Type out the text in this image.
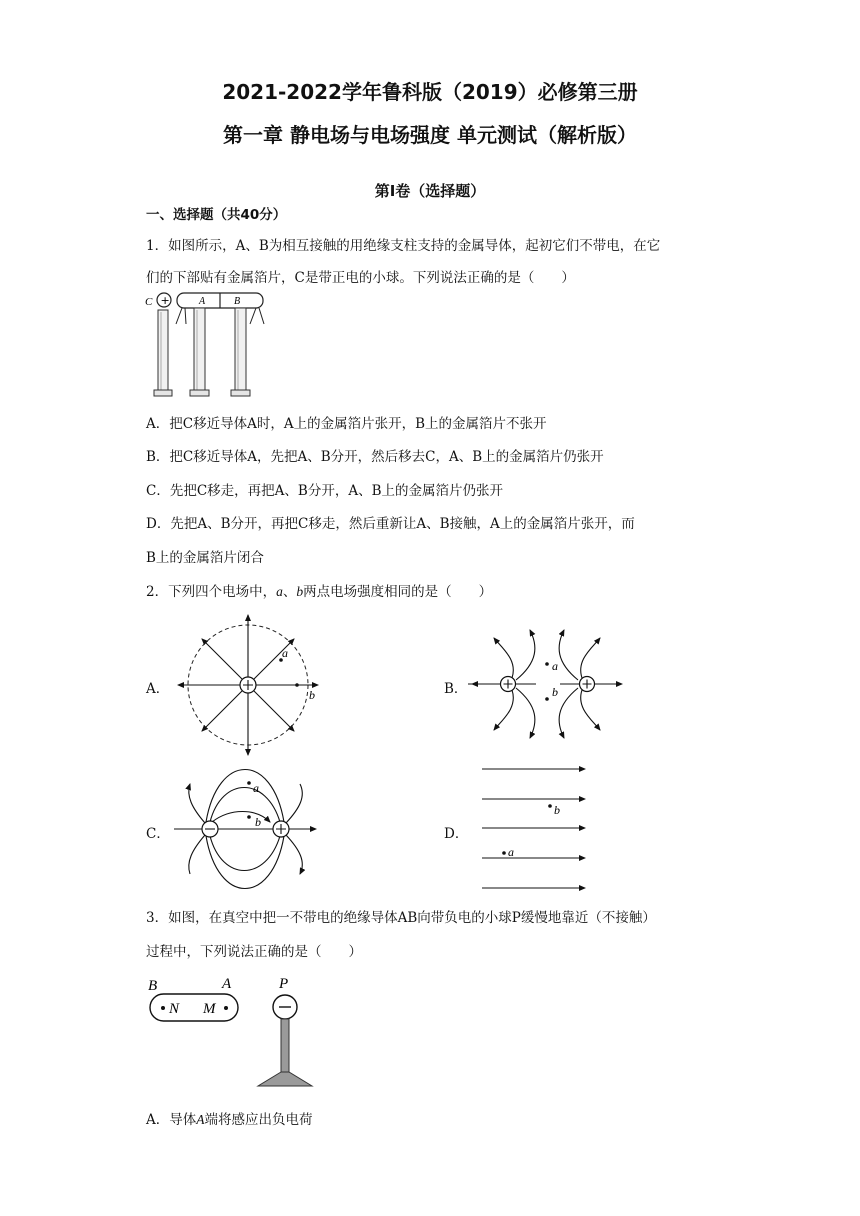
2021-2022学年鲁科版（2019）必修第三册
第一章 静电场与电场强度 单元测试（解析版）
第Ⅰ卷（选择题）
一、选择题（共40分）
1．如图所示，A、B为相互接触的用绝缘支柱支持的金属导体，起初它们不带电，在它
们的下部贴有金属箔片，C是带正电的小球。下列说法正确的是（　　）
C +	A	B
A．把C移近导体A时，A上的金属箔片张开，B上的金属箔片不张开
B．把C移近导体A，先把A、B分开，然后移去C，A、B上的金属箔片仍张开
C．先把C移走，再把A、B分开，A、B上的金属箔片仍张开
D．先把A、B分开，再把C移走，然后重新让A、B接触，A上的金属箔片张开，而
B上的金属箔片闭合
2．下列四个电场中，a、b两点电场强度相同的是（　　）
A．	B．
C．	D．
a
b
a
b
a
b
b
a
3．如图，在真空中把一不带电的绝缘导体AB向带负电的小球P缓慢地靠近（不接触）
过程中，下列说法正确的是（　　）
B	A
N M
P
A．导体A端将感应出负电荷
